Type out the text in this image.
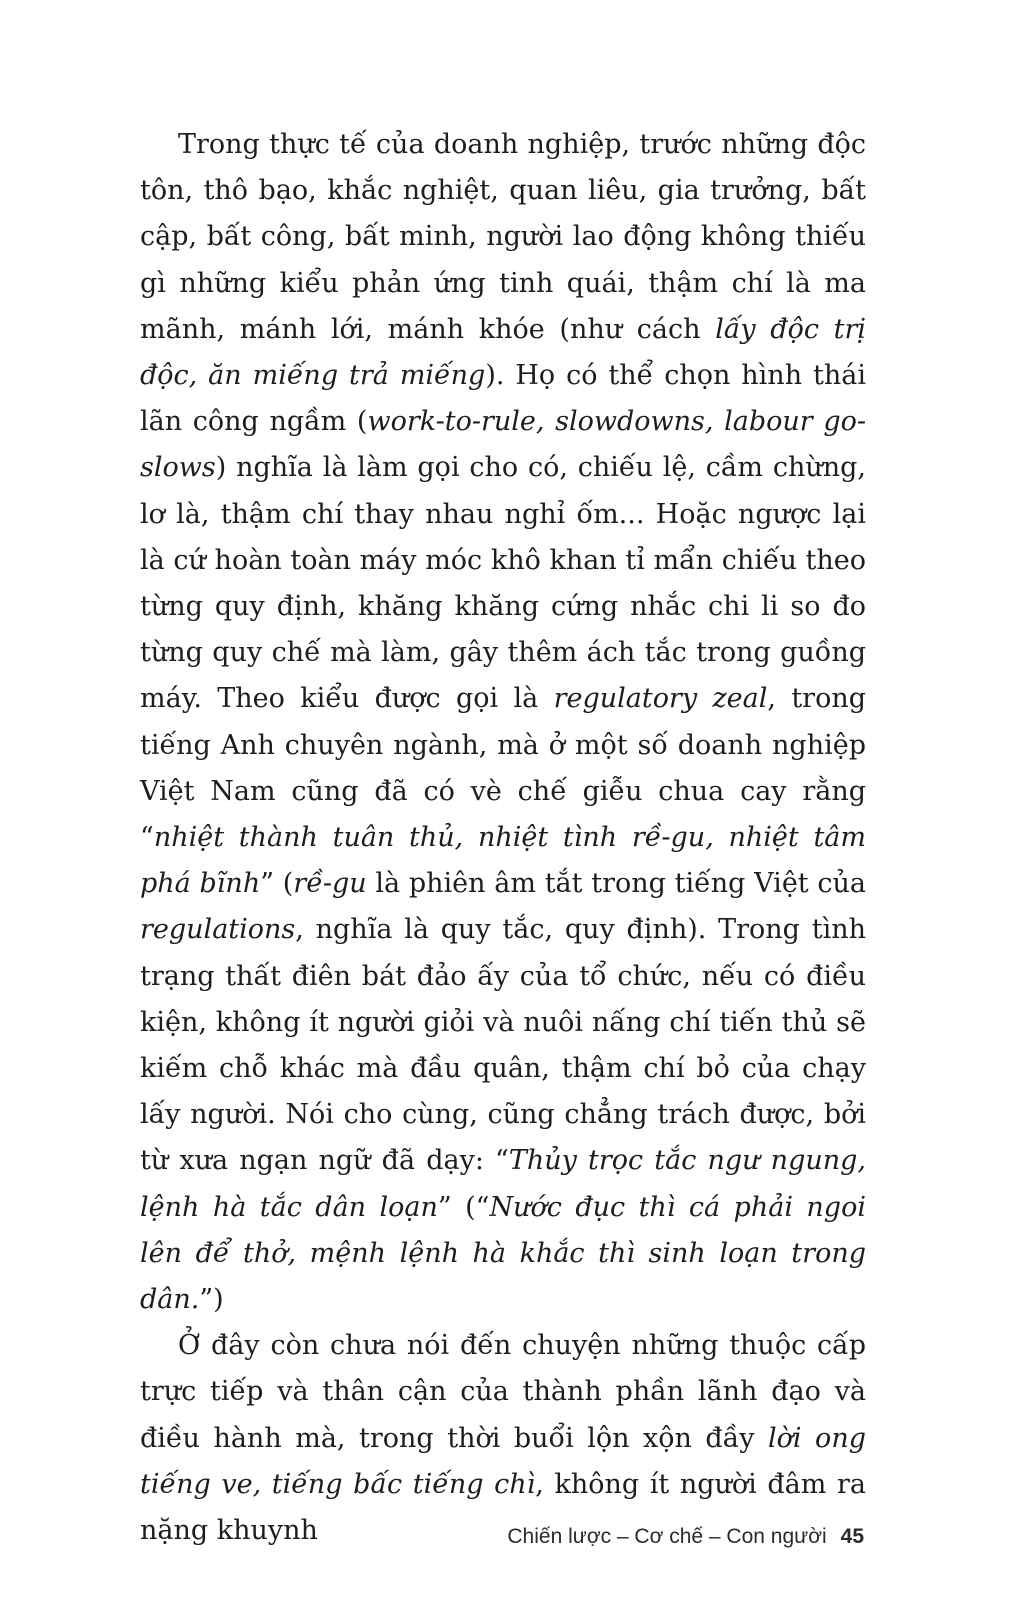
Trong thực tế của doanh nghiệp, trước những độc tôn, thô bạo, khắc nghiệt, quan liêu, gia trưởng, bất cập, bất công, bất minh, người lao động không thiếu gì những kiểu phản ứng tinh quái, thậm chí là ma mãnh, mánh lới, mánh khóe (như cách lấy độc trị độc, ăn miếng trả miếng). Họ có thể chọn hình thái lãn công ngầm (work-to-rule, slowdowns, labour go-slows) nghĩa là làm gọi cho có, chiếu lệ, cầm chừng, lơ là, thậm chí thay nhau nghỉ ốm... Hoặc ngược lại là cứ hoàn toàn máy móc khô khan tỉ mẩn chiếu theo từng quy định, khăng khăng cứng nhắc chi li so đo từng quy chế mà làm, gây thêm ách tắc trong guồng máy. Theo kiểu được gọi là regulatory zeal, trong tiếng Anh chuyên ngành, mà ở một số doanh nghiệp Việt Nam cũng đã có vè chế giễu chua cay rằng “nhiệt thành tuân thủ, nhiệt tình rề-gu, nhiệt tâm phá bĩnh” (rề-gu là phiên âm tắt trong tiếng Việt của regulations, nghĩa là quy tắc, quy định). Trong tình trạng thất điên bát đảo ấy của tổ chức, nếu có điều kiện, không ít người giỏi và nuôi nấng chí tiến thủ sẽ kiếm chỗ khác mà đầu quân, thậm chí bỏ của chạy lấy người. Nói cho cùng, cũng chẳng trách được, bởi từ xưa ngạn ngữ đã dạy: “Thủy trọc tắc ngư ngung, lệnh hà tắc dân loạn” (“Nước đục thì cá phải ngoi lên để thở, mệnh lệnh hà khắc thì sinh loạn trong dân.”)

Ở đây còn chưa nói đến chuyện những thuộc cấp trực tiếp và thân cận của thành phần lãnh đạo và điều hành mà, trong thời buổi lộn xộn đầy lời ong tiếng ve, tiếng bấc tiếng chì, không ít người đâm ra nặng khuynh	Chiến lược – Cơ chế – Con người 45
